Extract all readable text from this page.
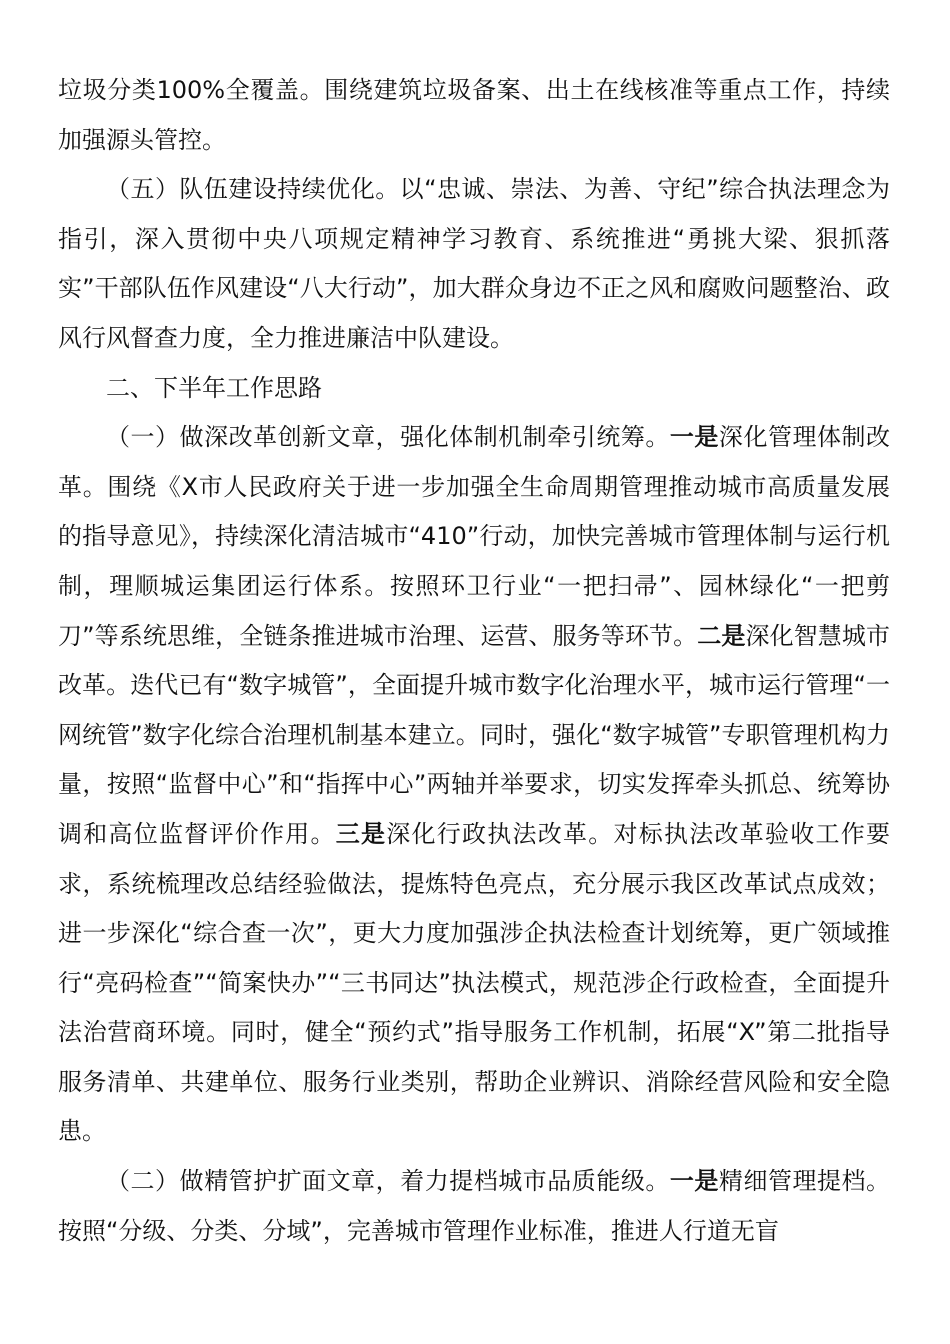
垃圾分类100%全覆盖。围绕建筑垃圾备案、出土在线核准等重点工作，持续加强源头管控。

（五）队伍建设持续优化。以“忠诚、崇法、为善、守纪”综合执法理念为指引，深入贯彻中央八项规定精神学习教育、系统推进“勇挑大梁、狠抓落实”干部队伍作风建设“八大行动”，加大群众身边不正之风和腐败问题整治、政风行风督查力度，全力推进廉洁中队建设。

二、下半年工作思路

（一）做深改革创新文章，强化体制机制牵引统筹。一是深化管理体制改革。围绕《X市人民政府关于进一步加强全生命周期管理推动城市高质量发展的指导意见》，持续深化清洁城市“410”行动，加快完善城市管理体制与运行机制，理顺城运集团运行体系。按照环卫行业“一把扫帚”、园林绿化“一把剪刀”等系统思维，全链条推进城市治理、运营、服务等环节。二是深化智慧城市改革。迭代已有“数字城管”，全面提升城市数字化治理水平，城市运行管理“一网统管”数字化综合治理机制基本建立。同时，强化“数字城管”专职管理机构力量，按照“监督中心”和“指挥中心”两轴并举要求，切实发挥牵头抓总、统筹协调和高位监督评价作用。三是深化行政执法改革。对标执法改革验收工作要求，系统梳理改总结经验做法，提炼特色亮点，充分展示我区改革试点成效；进一步深化“综合查一次”，更大力度加强涉企执法检查计划统筹，更广领域推行“亮码检查”“简案快办”“三书同达”执法模式，规范涉企行政检查，全面提升法治营商环境。同时，健全“预约式”指导服务工作机制，拓展“X”第二批指导服务清单、共建单位、服务行业类别，帮助企业辨识、消除经营风险和安全隐患。

（二）做精管护扩面文章，着力提档城市品质能级。一是精细管理提档。按照“分级、分类、分域”，完善城市管理作业标准，推进人行道无盲
